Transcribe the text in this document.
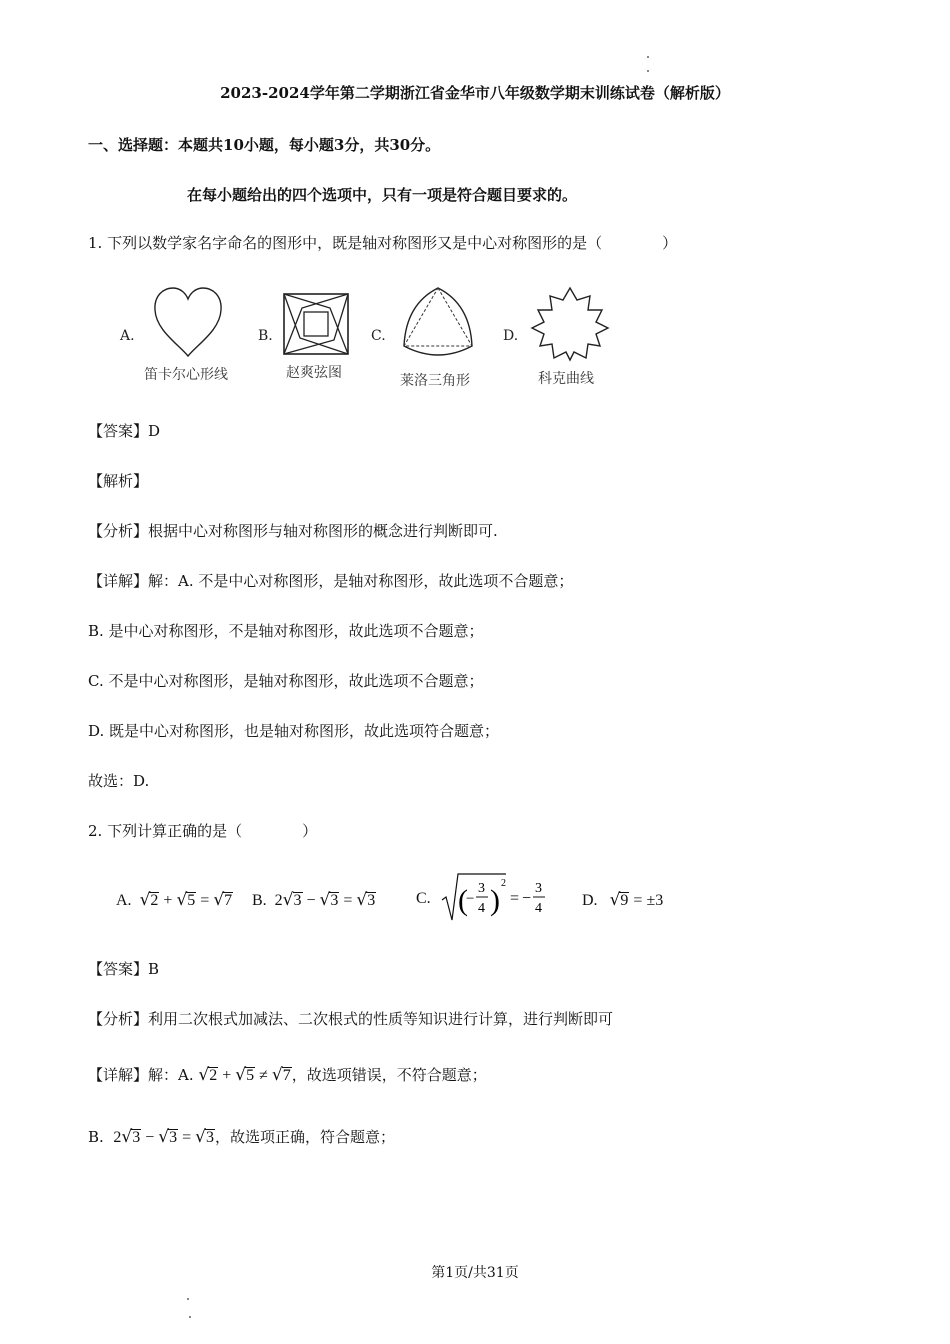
2023-2024学年第二学期浙江省金华市八年级数学期末训练试卷（解析版）
一、选择题：本题共10小题，每小题3分，共30分。
在每小题给出的四个选项中，只有一项是符合题目要求的。
1. 下列以数学家名字命名的图形中，既是轴对称图形又是中心对称图形的是（　　　　）
A.	B.	C.	D.
笛卡尔心形线	赵爽弦图	莱洛三角形	科克曲线
【答案】D
【解析】
【分析】根据中心对称图形与轴对称图形的概念进行判断即可.
【详解】解：A. 不是中心对称图形，是轴对称图形，故此选项不合题意；
B. 是中心对称图形，不是轴对称图形，故此选项不合题意；
C. 不是中心对称图形，是轴对称图形，故此选项不合题意；
D. 既是中心对称图形，也是轴对称图形，故此选项符合题意；
故选：D.
2. 下列计算正确的是（　　　　）
A. √2 + √5 = √7 B. 2√3 − √3 = √3	C. ( )
−
3
4
2
= −
3
4	D. √9 = ±3
【答案】B
【分析】利用二次根式加减法、二次根式的性质等知识进行计算，进行判断即可
【详解】解：A. √2 + √5 ≠ √7，故选项错误，不符合题意；
B. 2√3 − √3 = √3，故选项正确，符合题意；
第1页/共31页
